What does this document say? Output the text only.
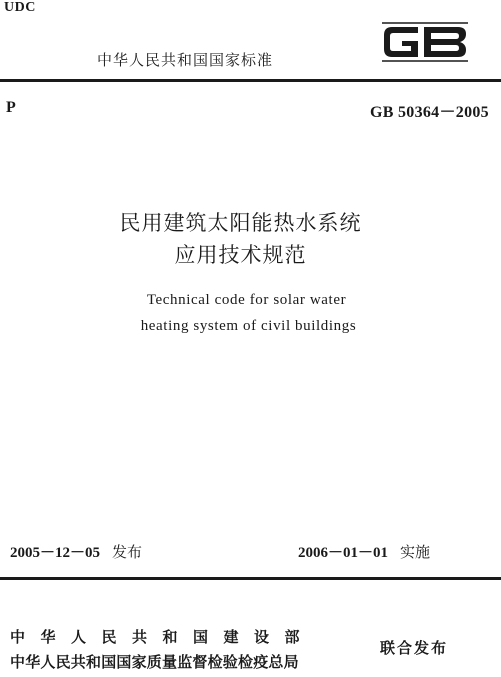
UDC
中华人民共和国国家标准
P	GB 50364－2005
民用建筑太阳能热水系统
应用技术规范
Technical code for solar water
heating system of civil buildings
2005－12－05 发布	2006－01－01 实施
中华人民共和国建设部
中华人民共和国国家质量监督检验检疫总局
联合发布
